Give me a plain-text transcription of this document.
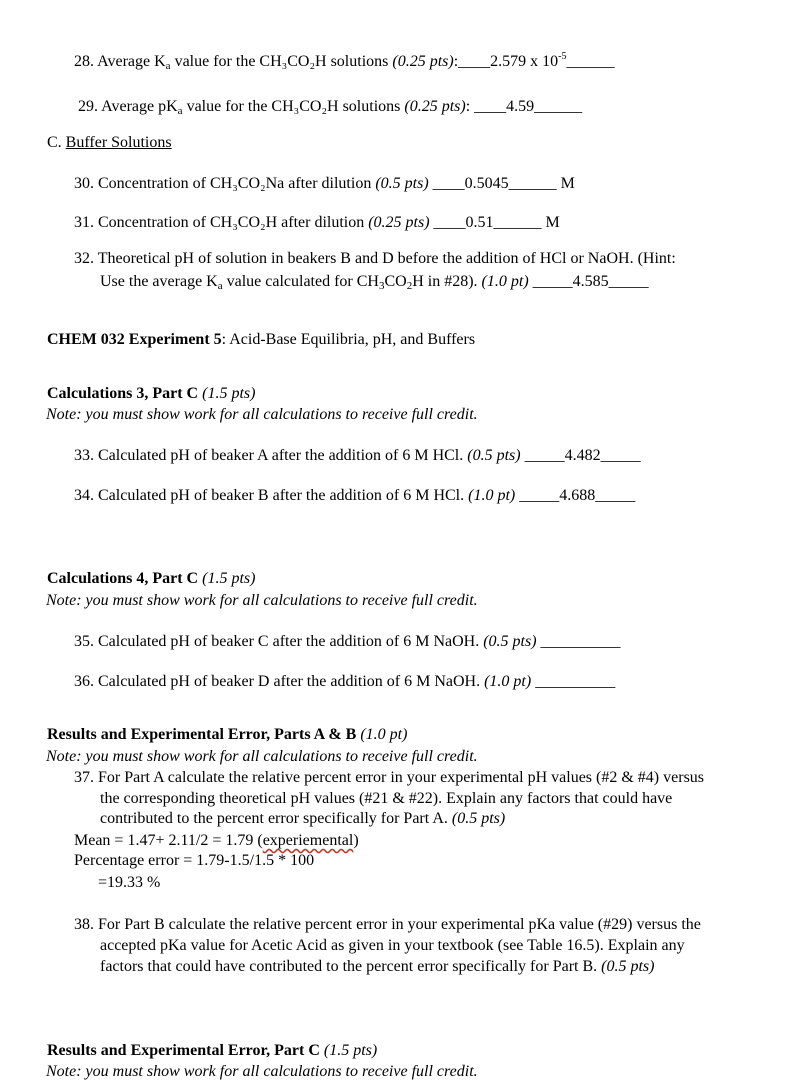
28. Average $K_a$ value for the CH₃CO₂H solutions (0.25 pts):____2.579 x $10^{-5}\_\_\_\_\_\_$
29. Average $pK_a$ value for the CH₃CO₂H solutions (0.25 pts): ____4.59______
C. Buffer Solutions
30. Concentration of CH₃CO₂Na after dilution (0.5 pts) ____0.5045______ M
31. Concentration of CH₃CO₂H after dilution (0.25 pts) ____0.51______ M
32. Theoretical pH of solution in beakers B and D before the addition of HCl or NaOH. (Hint:
Use the average $K_a$ value calculated for $CH_3CO_2H$ in #28). (1.0 pt) _____4.585_____
CHEM 032 Experiment 5: Acid-Base Equilibria, pH, and Buffers
Calculations 3, Part C (1.5 pts)
Note: you must show work for all calculations to receive full credit.
33. Calculated pH of beaker A after the addition of 6 M HCl. (0.5 pts) _____4.482_____
34. Calculated pH of beaker B after the addition of 6 M HCl. (1.0 pt) _____4.688_____
Calculations 4, Part C (1.5 pts)
Note: you must show work for all calculations to receive full credit.
35. Calculated pH of beaker C after the addition of 6 M NaOH. (0.5 pts) __________
36. Calculated pH of beaker D after the addition of 6 M NaOH. (1.0 pt) __________
Results and Experimental Error, Parts A & B (1.0 pt)
Note: you must show work for all calculations to receive full credit.
37. For Part A calculate the relative percent error in your experimental pH values (#2 & #4) versus
the corresponding theoretical pH values (#21 & #22). Explain any factors that could have
contributed to the percent error specifically for Part A. (0.5 pts)
Mean = 1.47+ 2.11/2 = 1.79 (experiemental)
Percentage error = 1.79-1.5/1.5 * 100
=19.33 %
38. For Part B calculate the relative percent error in your experimental pKa value (#29) versus the
accepted pKa value for Acetic Acid as given in your textbook (see Table 16.5). Explain any
factors that could have contributed to the percent error specifically for Part B. (0.5 pts)
Results and Experimental Error, Part C (1.5 pts)
Note: you must show work for all calculations to receive full credit.
